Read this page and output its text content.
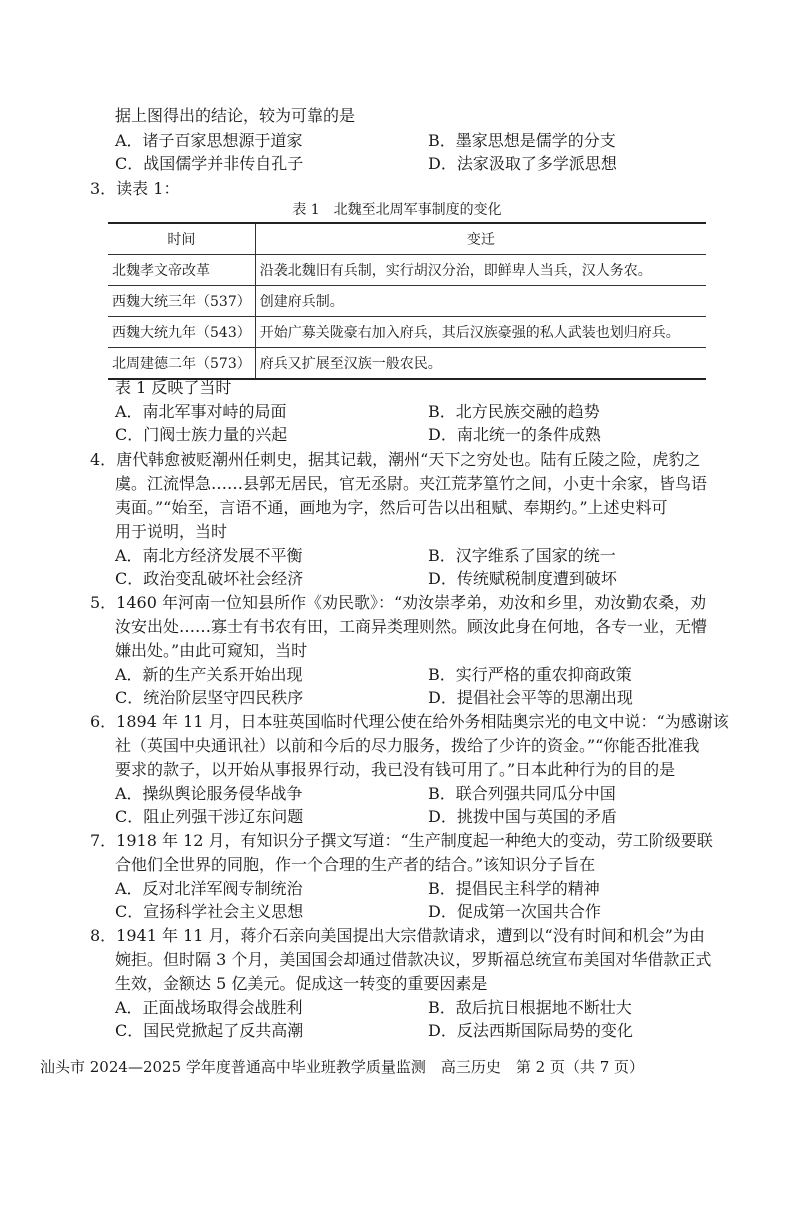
据上图得出的结论，较为可靠的是
A．诸子百家思想源于道家	B．墨家思想是儒学的分支
C．战国儒学并非传自孔子	D．法家汲取了多学派思想
3．读表 1：
表 1　北魏至北周军事制度的变化
时间	变迁
北魏孝文帝改革	沿袭北魏旧有兵制，实行胡汉分治，即鲜卑人当兵，汉人务农。
西魏大统三年（537）	创建府兵制。
西魏大统九年（543）	开始广募关陇豪右加入府兵，其后汉族豪强的私人武装也划归府兵。
北周建德二年（573）	府兵又扩展至汉族一般农民。
表 1 反映了当时
A．南北军事对峙的局面	B．北方民族交融的趋势
C．门阀士族力量的兴起	D．南北统一的条件成熟
4．唐代韩愈被贬潮州任刺史，据其记载，潮州“天下之穷处也。陆有丘陵之险，虎豹之
虞。江流悍急……县郭无居民，官无丞尉。夹江荒茅篁竹之间，小吏十余家，皆鸟语
夷面。”“始至，言语不通，画地为字，然后可告以出租赋、奉期约。”上述史料可
用于说明，当时
A．南北方经济发展不平衡	B．汉字维系了国家的统一
C．政治变乱破坏社会经济	D．传统赋税制度遭到破坏
5．1460 年河南一位知县所作《劝民歌》：“劝汝崇孝弟，劝汝和乡里，劝汝勤农桑，劝
汝安出处……寡士有书农有田，工商异类理则然。顾汝此身在何地，各专一业，无懵
嫌出处。”由此可窥知，当时
A．新的生产关系开始出现	B．实行严格的重农抑商政策
C．统治阶层坚守四民秩序	D．提倡社会平等的思潮出现
6．1894 年 11 月，日本驻英国临时代理公使在给外务相陆奥宗光的电文中说：“为感谢该
社（英国中央通讯社）以前和今后的尽力服务，拨给了少许的资金。”“你能否批准我
要求的款子，以开始从事报界行动，我已没有钱可用了。”日本此种行为的目的是
A．操纵舆论服务侵华战争	B．联合列强共同瓜分中国
C．阻止列强干涉辽东问题	D．挑拨中国与英国的矛盾
7．1918 年 12 月，有知识分子撰文写道：“生产制度起一种绝大的变动，劳工阶级要联
合他们全世界的同胞，作一个合理的生产者的结合。”该知识分子旨在
A．反对北洋军阀专制统治	B．提倡民主科学的精神
C．宣扬科学社会主义思想	D．促成第一次国共合作
8．1941 年 11 月，蒋介石亲向美国提出大宗借款请求，遭到以“没有时间和机会”为由
婉拒。但时隔 3 个月，美国国会却通过借款决议，罗斯福总统宣布美国对华借款正式
生效，金额达 5 亿美元。促成这一转变的重要因素是
A．正面战场取得会战胜利	B．敌后抗日根据地不断壮大
C．国民党掀起了反共高潮	D．反法西斯国际局势的变化
汕头市 2024—2025 学年度普通高中毕业班教学质量监测　高三历史　第 2 页（共 7 页）
